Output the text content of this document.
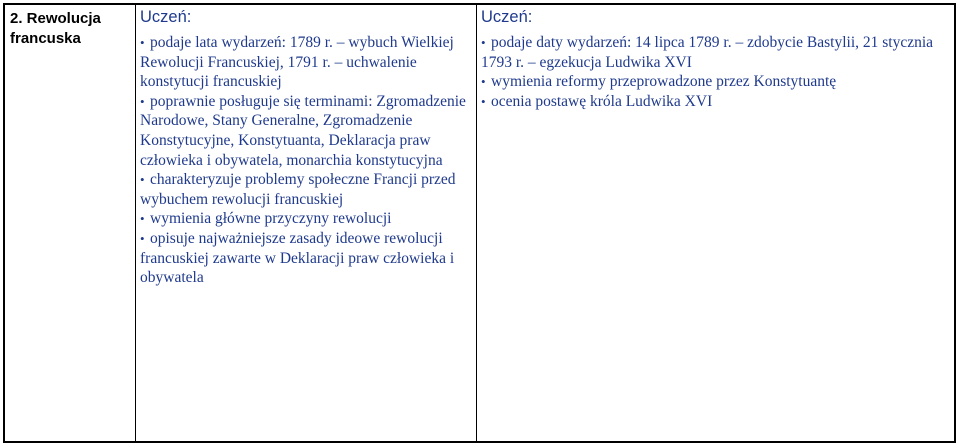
2. Rewolucja francuska

Uczeń:

• podaje lata wydarzeń: 1789 r. – wybuch Wielkiej Rewolucji Francuskiej, 1791 r. – uchwalenie konstytucji francuskiej
• poprawnie posługuje się terminami: Zgromadzenie Narodowe, Stany Generalne, Zgromadzenie Konstytucyjne, Konstytuanta, Deklaracja praw człowieka i obywatela, monarchia konstytucyjna
• charakteryzuje problemy społeczne Francji przed wybuchem rewolucji francuskiej
• wymienia główne przyczyny rewolucji
• opisuje najważniejsze zasady ideowe rewolucji francuskiej zawarte w Deklaracji praw człowieka i obywatela

Uczeń:

• podaje daty wydarzeń: 14 lipca 1789 r. – zdobycie Bastylii, 21 stycznia 1793 r. – egzekucja Ludwika XVI
• wymienia reformy przeprowadzone przez Konstytuantę
• ocenia postawę króla Ludwika XVI
